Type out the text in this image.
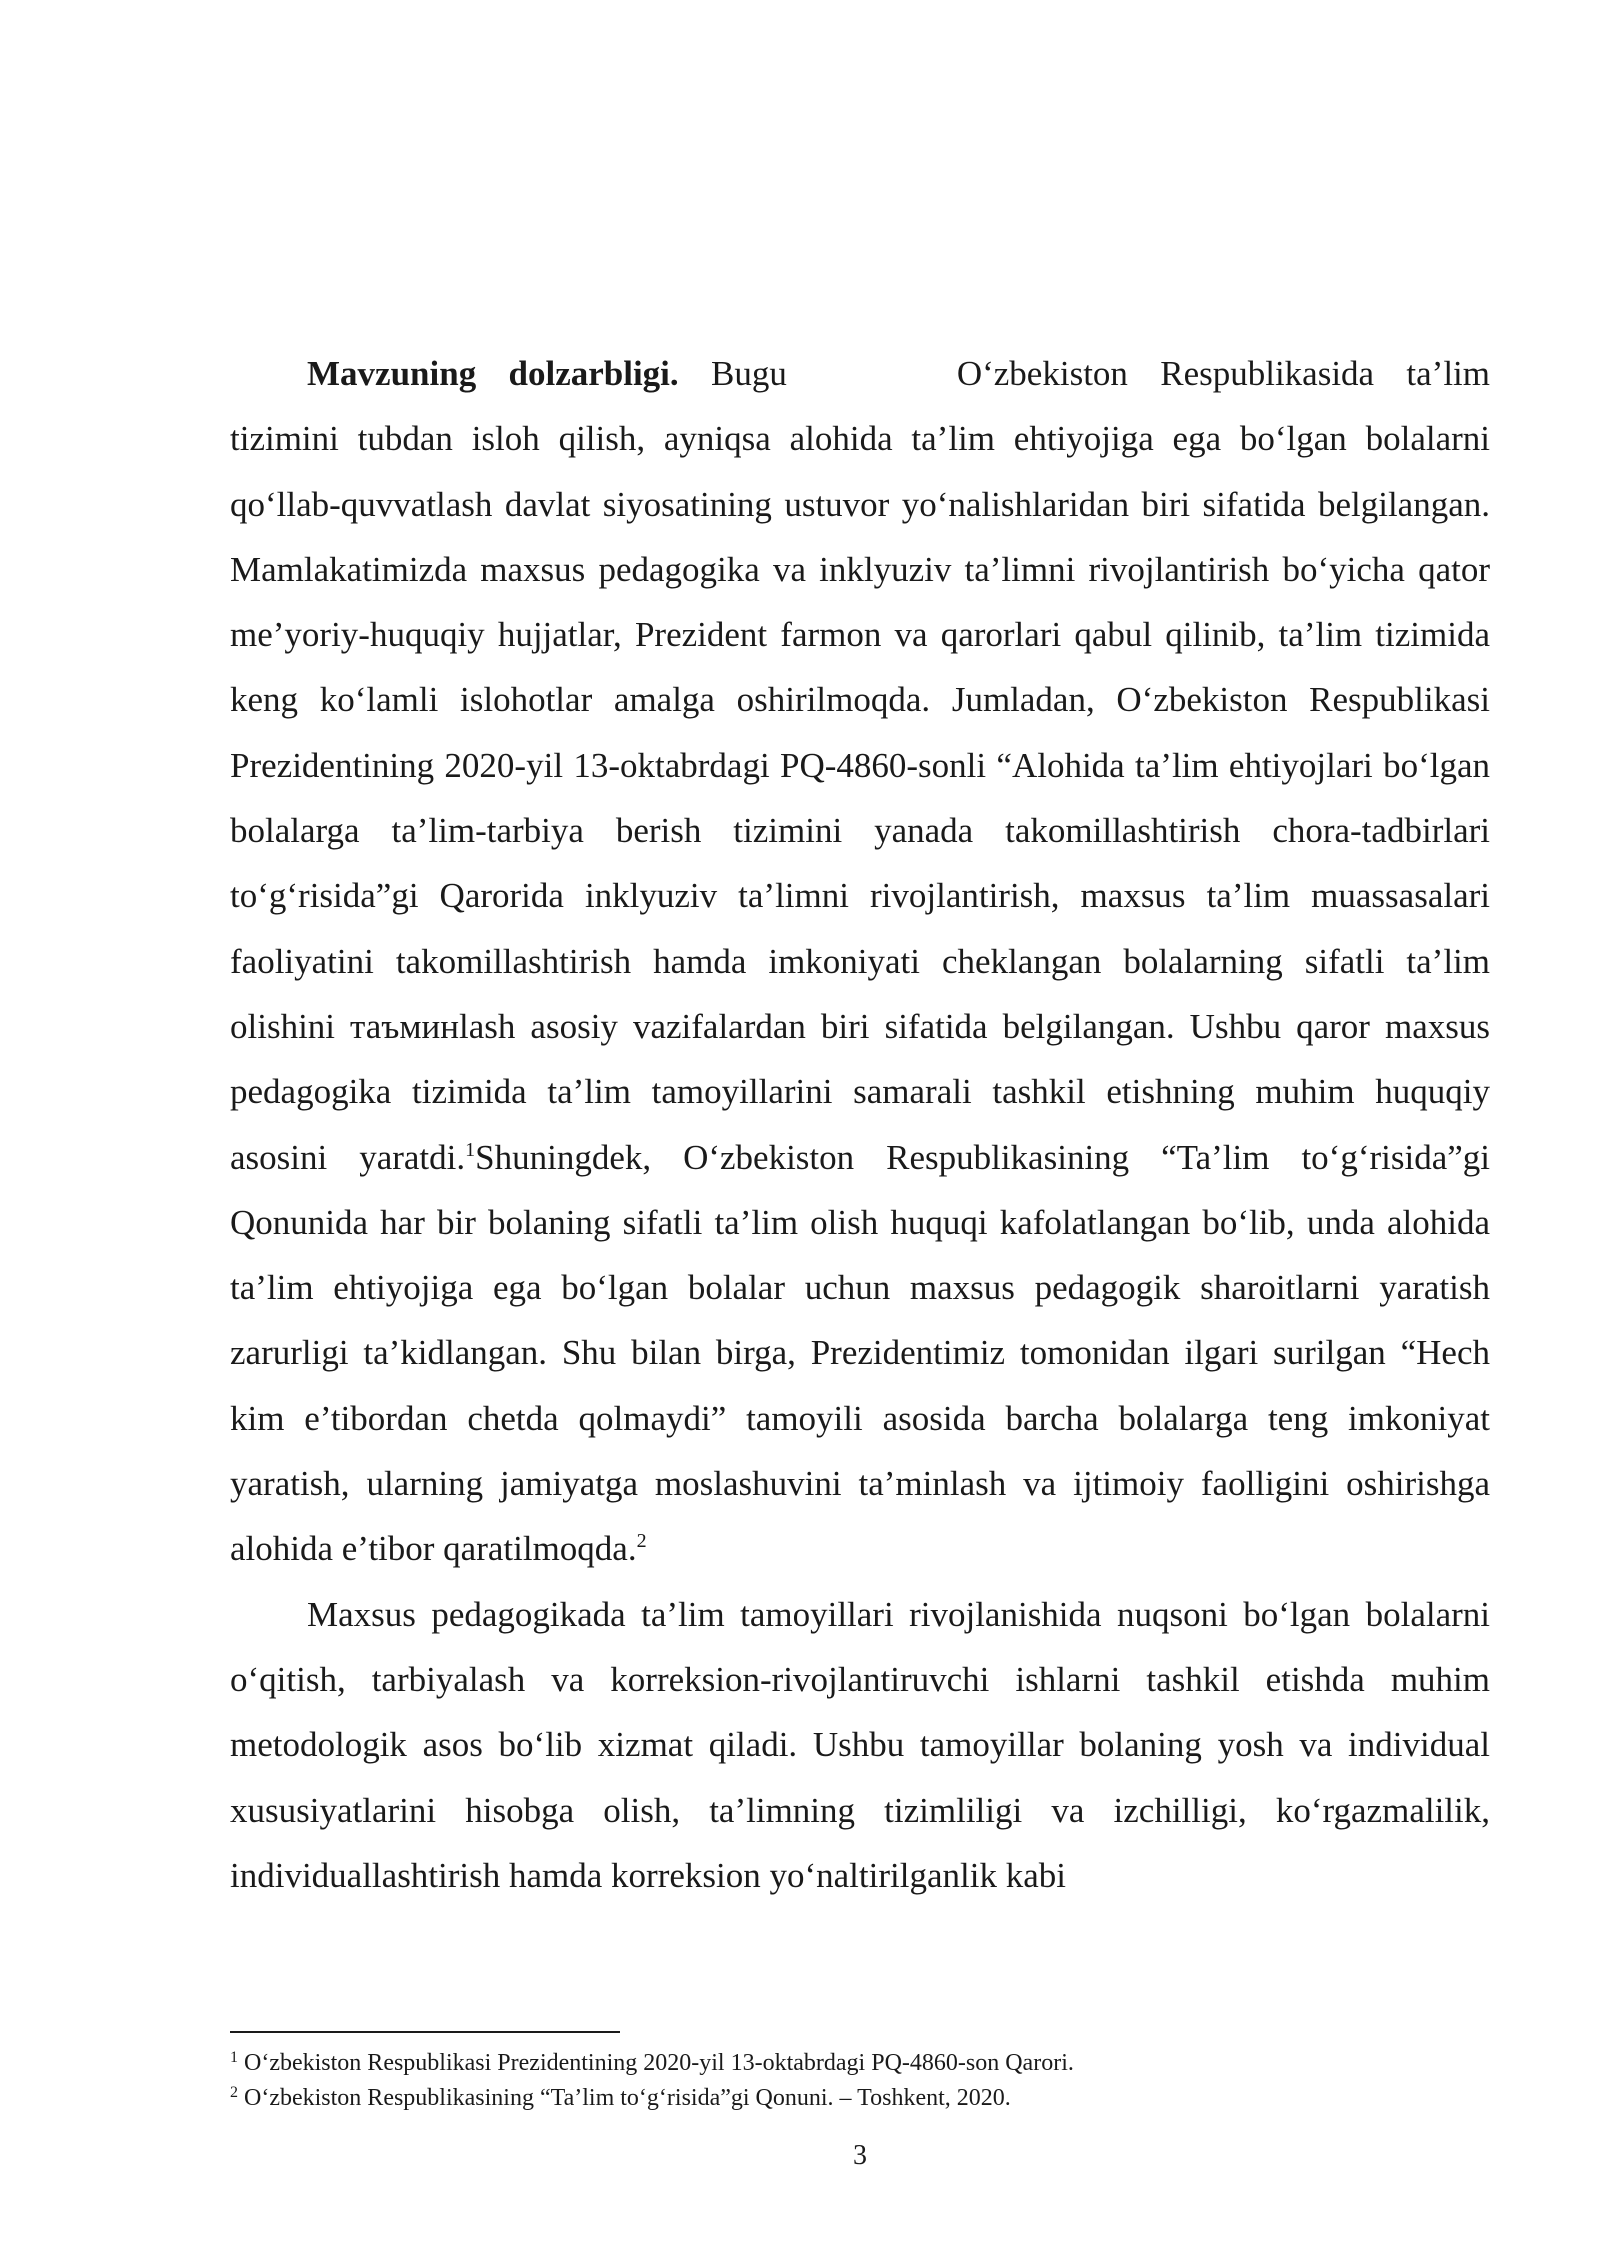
Mavzuning dolzarbligi. Bugu	O‘zbekiston Respublikasida ta’lim tizimini tubdan isloh qilish, ayniqsa alohida ta’lim ehtiyojiga ega bo‘lgan bolalarni qo‘llab-quvvatlash davlat siyosatining ustuvor yo‘nalishlaridan biri sifatida belgilangan. Mamlakatimizda maxsus pedagogika va inklyuziv ta’limni rivojlantirish bo‘yicha qator me’yoriy-huquqiy hujjatlar, Prezident farmon va qarorlari qabul qilinib, ta’lim tizimida keng ko‘lamli islohotlar amalga oshirilmoqda. Jumladan, O‘zbekiston Respublikasi Prezidentining 2020-yil 13-oktabrdagi PQ-4860-sonli “Alohida ta’lim ehtiyojlari bo‘lgan bolalarga ta’lim-tarbiya berish tizimini yanada takomillashtirish chora-tadbirlari to‘g‘risida”gi Qarorida inklyuziv ta’limni rivojlantirish, maxsus ta’lim muassasalari faoliyatini takomillashtirish hamda imkoniyati cheklangan bolalarning sifatli ta’lim olishini таъминlash asosiy vazifalardan biri sifatida belgilangan. Ushbu qaror maxsus pedagogika tizimida ta’lim tamoyillarini samarali tashkil etishning muhim huquqiy asosini yaratdi.$^1$Shuningdek, O‘zbekiston Respublikasining “Ta’lim to‘g‘risida”gi Qonunida har bir bolaning sifatli ta’lim olish huquqi kafolatlangan bo‘lib, unda alohida ta’lim ehtiyojiga ega bo‘lgan bolalar uchun maxsus pedagogik sharoitlarni yaratish zarurligi ta’kidlangan. Shu bilan birga, Prezidentimiz tomonidan ilgari surilgan “Hech kim e’tibordan chetda qolmaydi” tamoyili asosida barcha bolalarga teng imkoniyat yaratish, ularning jamiyatga moslashuvini ta’minlash va ijtimoiy faolligini oshirishga alohida e’tibor qaratilmoqda.$^2$

Maxsus pedagogikada ta’lim tamoyillari rivojlanishida nuqsoni bo‘lgan bolalarni o‘qitish, tarbiyalash va korreksion-rivojlantiruvchi ishlarni tashkil etishda muhim metodologik asos bo‘lib xizmat qiladi. Ushbu tamoyillar bolaning yosh va individual xususiyatlarini hisobga olish, ta’limning tizimliligi va izchilligi, ko‘rgazmalilik, individuallashtirish hamda korreksion yo‘naltirilganlik kabi

$^1$ O‘zbekiston Respublikasi Prezidentining 2020-yil 13-oktabrdagi PQ-4860-son Qarori.
$^2$ O‘zbekiston Respublikasining “Ta’lim to‘g‘risida”gi Qonuni. – Toshkent, 2020.
3
